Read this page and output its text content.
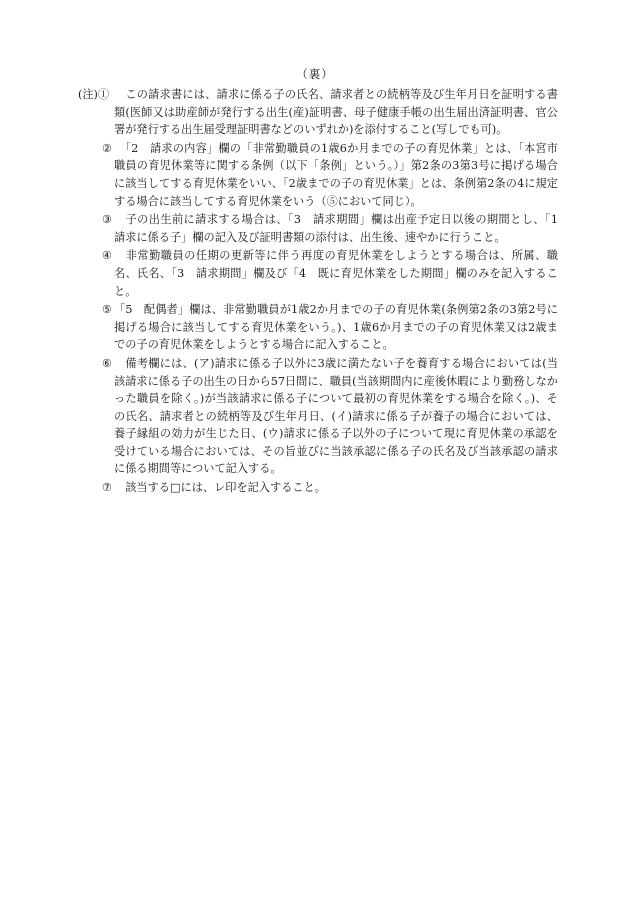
（裏）
(注)① 　この請求書には、請求に係る子の氏名、請求者との続柄等及び生年月日を証明する書類(医師又は助産師が発行する出生(産)証明書、母子健康手帳の出生届出済証明書、官公署が発行する出生届受理証明書などのいずれか)を添付すること(写しでも可)。
② 　「2　請求の内容」欄の「非常勤職員の1歳6か月までの子の育児休業」とは、「本宮市職員の育児休業等に関する条例（以下「条例」という。）」第2条の3第3号に掲げる場合に該当してする育児休業をいい、「2歳までの子の育児休業」とは、条例第2条の4に規定する場合に該当してする育児休業をいう（⑤において同じ）。
③ 　子の出生前に請求する場合は、「3　請求期間」欄は出産予定日以後の期間とし、「1　請求に係る子」欄の記入及び証明書類の添付は、出生後、速やかに行うこと。
④ 　非常勤職員の任期の更新等に伴う再度の育児休業をしようとする場合は、所属、職名、氏名、「3　請求期間」欄及び「4　既に育児休業をした期間」欄のみを記入すること。
⑤ 「5　配偶者」欄は、非常勤職員が1歳2か月までの子の育児休業(条例第2条の3第2号に掲げる場合に該当してする育児休業をいう。)、1歳6か月までの子の育児休業又は2歳までの子の育児休業をしようとする場合に記入すること。
⑥ 　備考欄には、(ア)請求に係る子以外に3歳に満たない子を養育する場合においては(当該請求に係る子の出生の日から57日間に、職員(当該期間内に産後休暇により勤務しなかった職員を除く。)が当該請求に係る子について最初の育児休業をする場合を除く。)、その氏名、請求者との続柄等及び生年月日、(イ)請求に係る子が養子の場合においては、養子縁組の効力が生じた日、(ウ)請求に係る子以外の子について現に育児休業の承認を受けている場合においては、その旨並びに当該承認に係る子の氏名及び当該承認の請求に係る期間等について記入する。
⑦ 　該当する□には、レ印を記入すること。
